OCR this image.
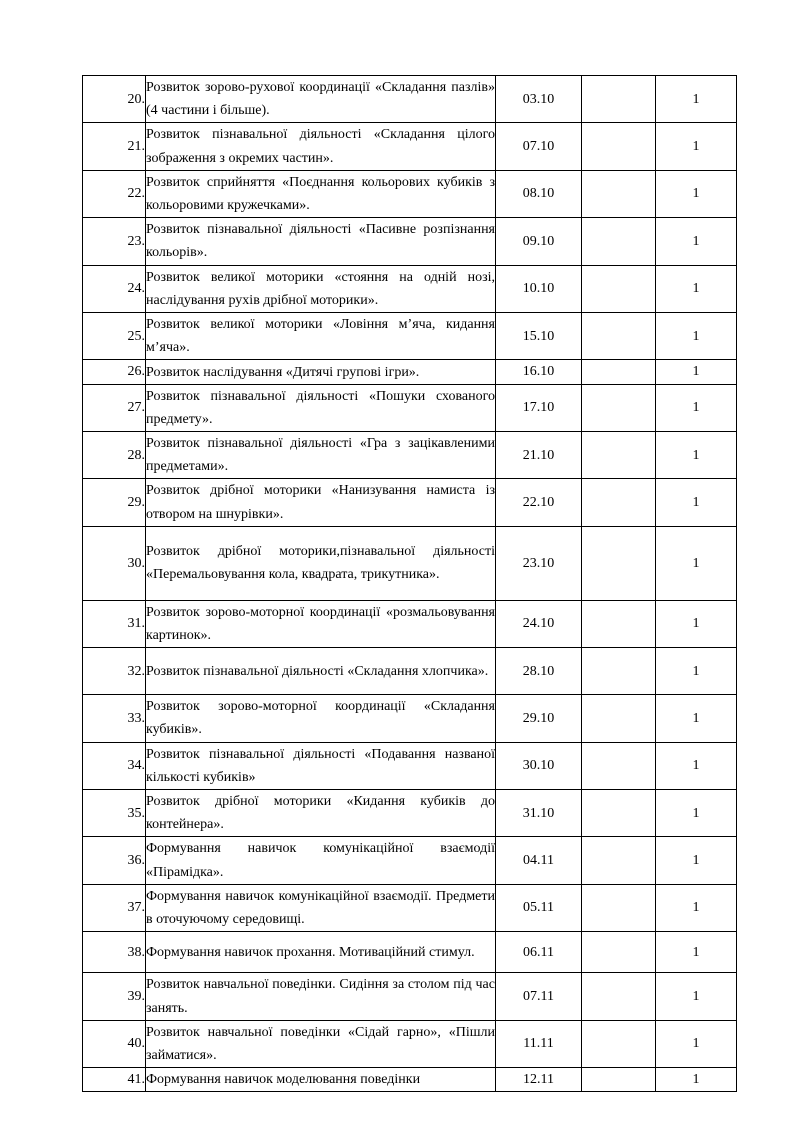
20.	Розвиток зорово-рухової координації «Складання пазлів» (4 частини і більше).	03.10		1
21.	Розвиток пізнавальної діяльності «Складання цілого зображення з окремих частин».	07.10		1
22.	Розвиток сприйняття «Поєднання кольорових кубиків з кольоровими кружечками».	08.10		1
23.	Розвиток пізнавальної діяльності «Пасивне розпізнання кольорів».	09.10		1
24.	Розвиток великої моторики «стояння на одній нозі, наслідування рухів дрібної моторики».	10.10		1
25.	Розвиток великої моторики «Ловіння м’яча, кидання м’яча».	15.10		1
26.	Розвиток наслідування «Дитячі групові ігри».	16.10		1
27.	Розвиток пізнавальної діяльності «Пошуки схованого предмету».	17.10		1
28.	Розвиток пізнавальної діяльності «Гра з зацікавленими предметами».	21.10		1
29.	Розвиток дрібної моторики «Нанизування намиста із отвором на шнурівки».	22.10		1
30.	Розвиток дрібної моторики,пізнавальної діяльності «Перемальовування кола, квадрата, трикутника».	23.10		1
31.	Розвиток зорово-моторної координації «розмальовування картинок».	24.10		1
32.	Розвиток пізнавальної діяльності «Складання хлопчика».	28.10		1
33.	Розвиток зорово-моторної координації «Складання кубиків».	29.10		1
34.	Розвиток пізнавальної діяльності «Подавання названої кількості кубиків»	30.10		1
35.	Розвиток дрібної моторики «Кидання кубиків до контейнера».	31.10		1
36.	Формування навичок комунікаційної взаємодії «Пірамідка».	04.11		1
37.	Формування навичок комунікаційної взаємодії. Предмети в оточуючому середовищі.	05.11		1
38.	Формування навичок прохання. Мотиваційний стимул.	06.11		1
39.	Розвиток навчальної поведінки. Сидіння за столом під час занять.	07.11		1
40.	Розвиток навчальної поведінки «Сідай гарно», «Пішли займатися».	11.11		1
41.	Формування навичок моделювання поведінки	12.11		1
